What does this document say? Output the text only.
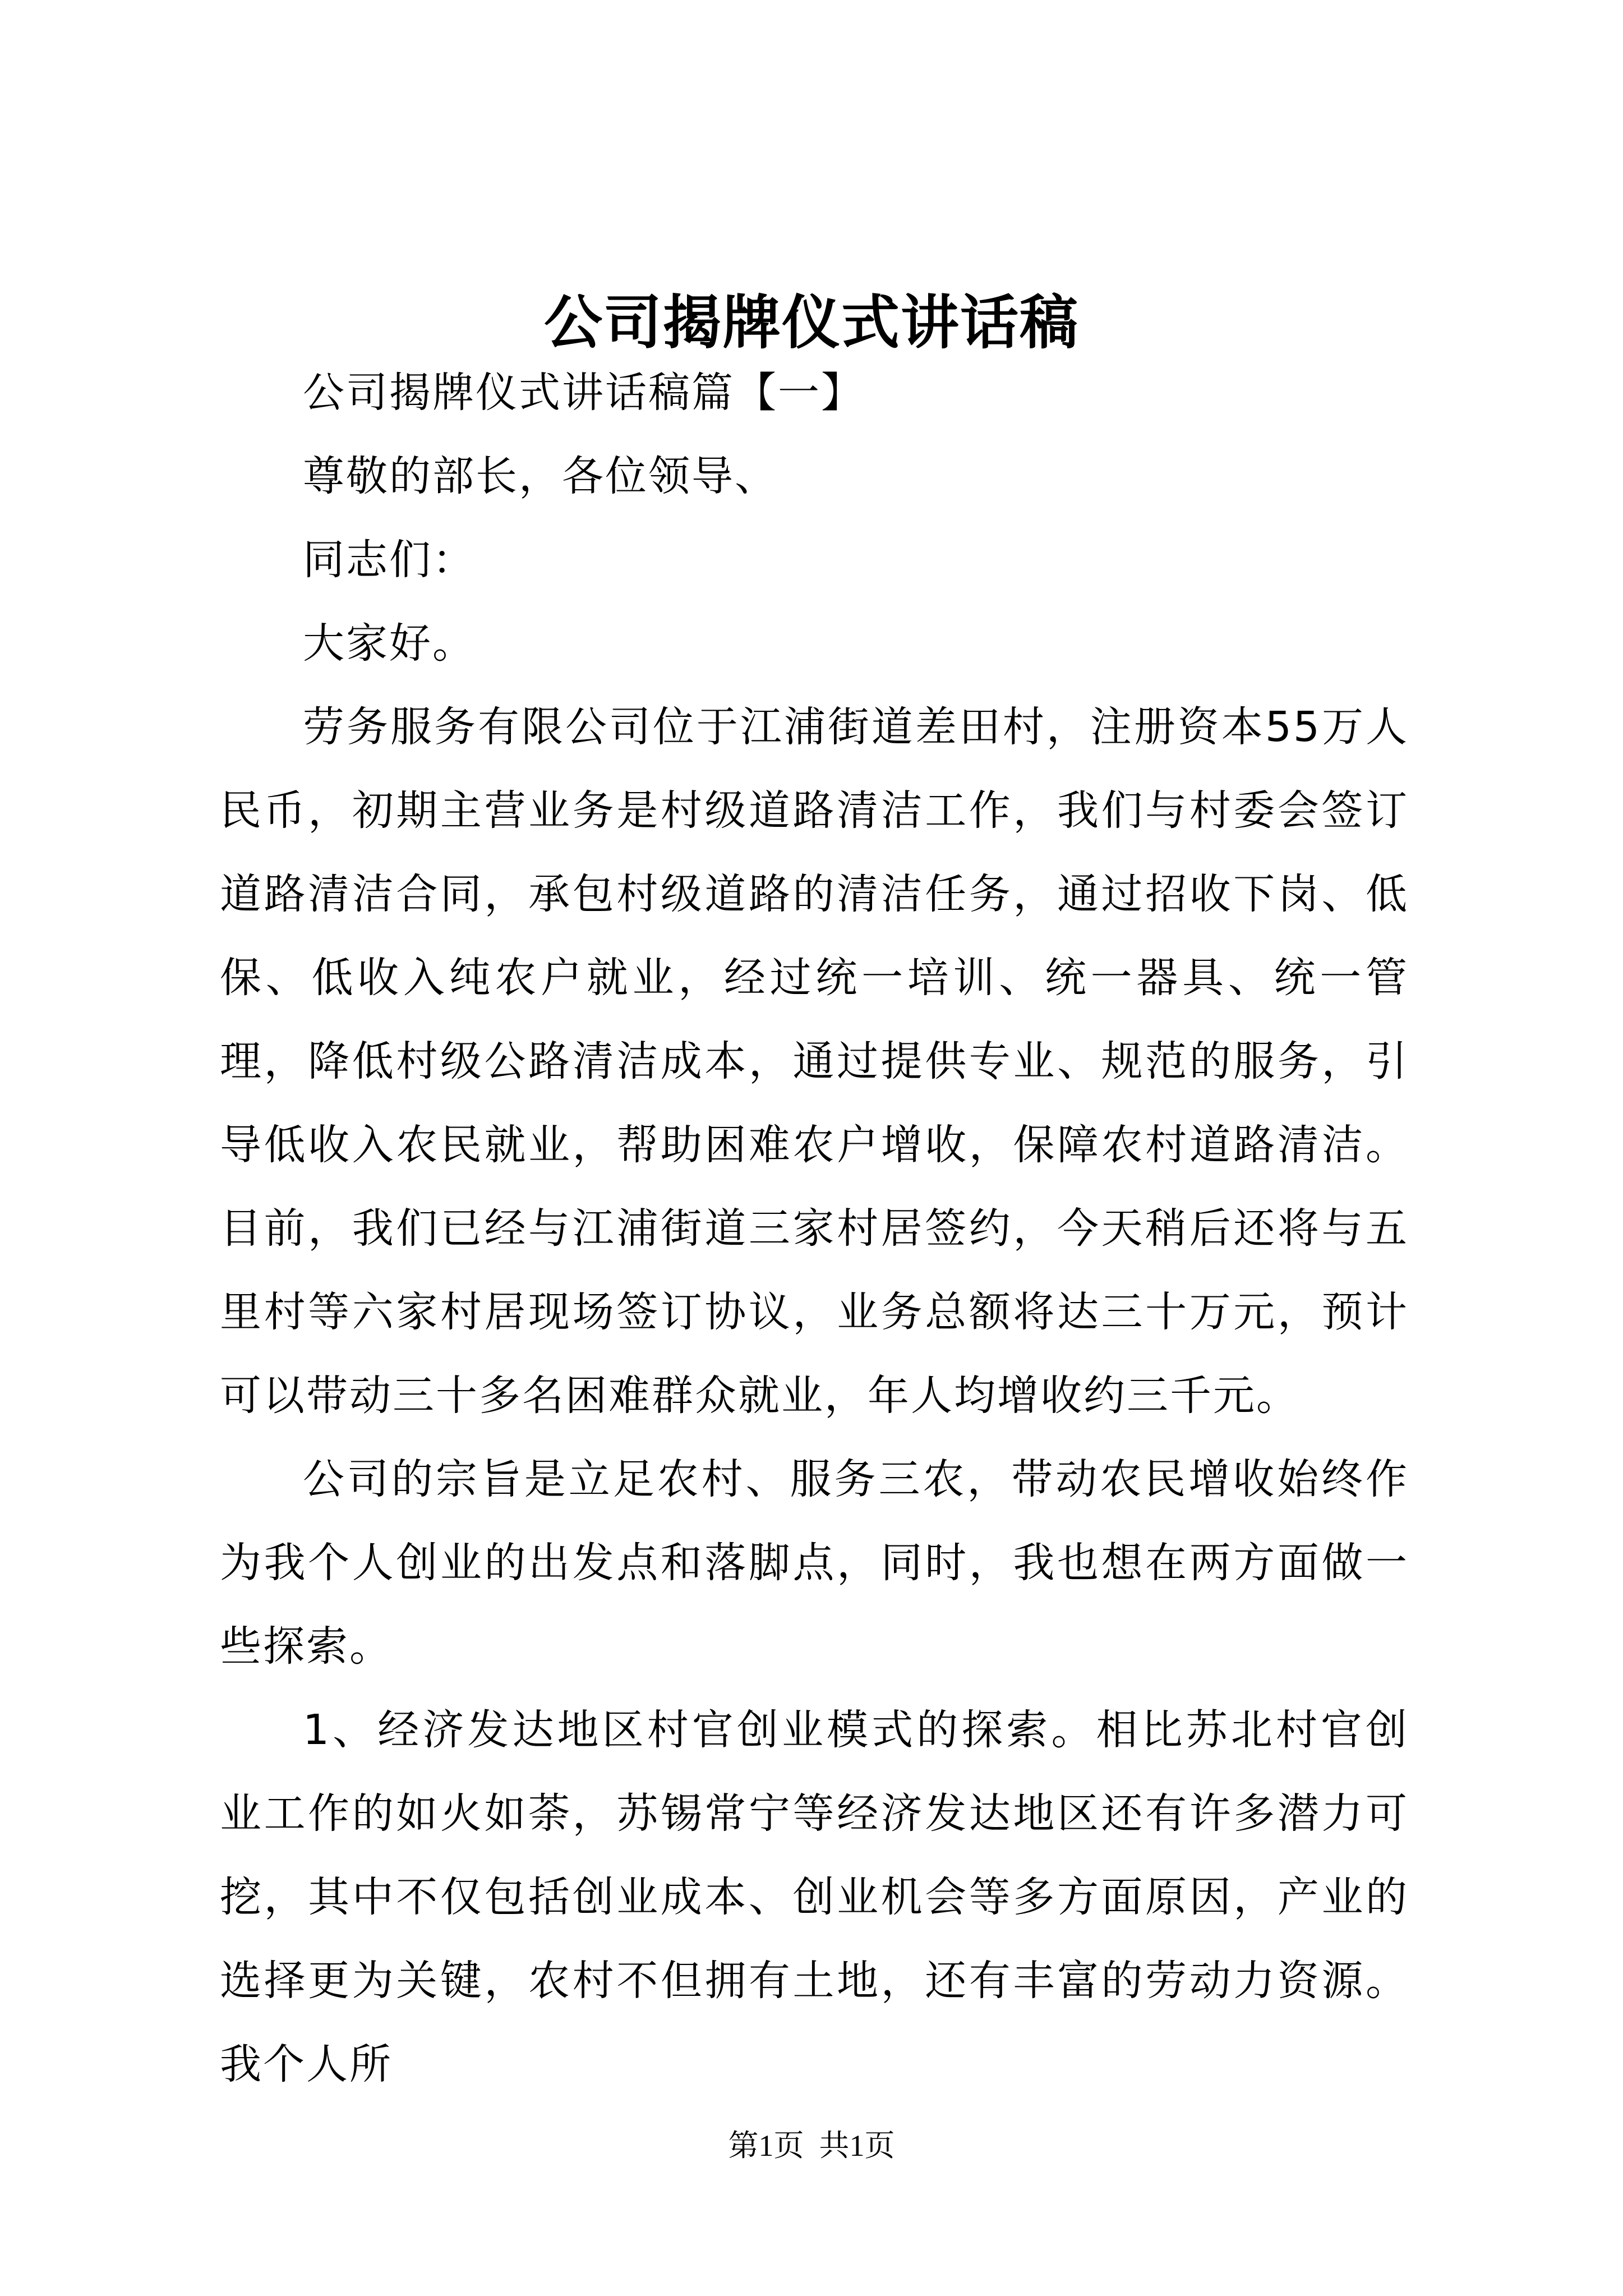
公司揭牌仪式讲话稿

公司揭牌仪式讲话稿篇【一】

尊敬的部长，各位领导、

同志们：

大家好。

劳务服务有限公司位于江浦街道差田村，注册资本55万人民币，初期主营业务是村级道路清洁工作，我们与村委会签订道路清洁合同，承包村级道路的清洁任务，通过招收下岗、低保、低收入纯农户就业，经过统一培训、统一器具、统一管理，降低村级公路清洁成本，通过提供专业、规范的服务，引导低收入农民就业，帮助困难农户增收，保障农村道路清洁。目前，我们已经与江浦街道三家村居签约，今天稍后还将与五里村等六家村居现场签订协议，业务总额将达三十万元，预计可以带动三十多名困难群众就业，年人均增收约三千元。

公司的宗旨是立足农村、服务三农，带动农民增收始终作为我个人创业的出发点和落脚点，同时，我也想在两方面做一些探索。

1、经济发达地区村官创业模式的探索。相比苏北村官创业工作的如火如荼，苏锡常宁等经济发达地区还有许多潜力可挖，其中不仅包括创业成本、创业机会等多方面原因，产业的选择更为关键，农村不但拥有土地，还有丰富的劳动力资源。我个人所

第1页  共1页
